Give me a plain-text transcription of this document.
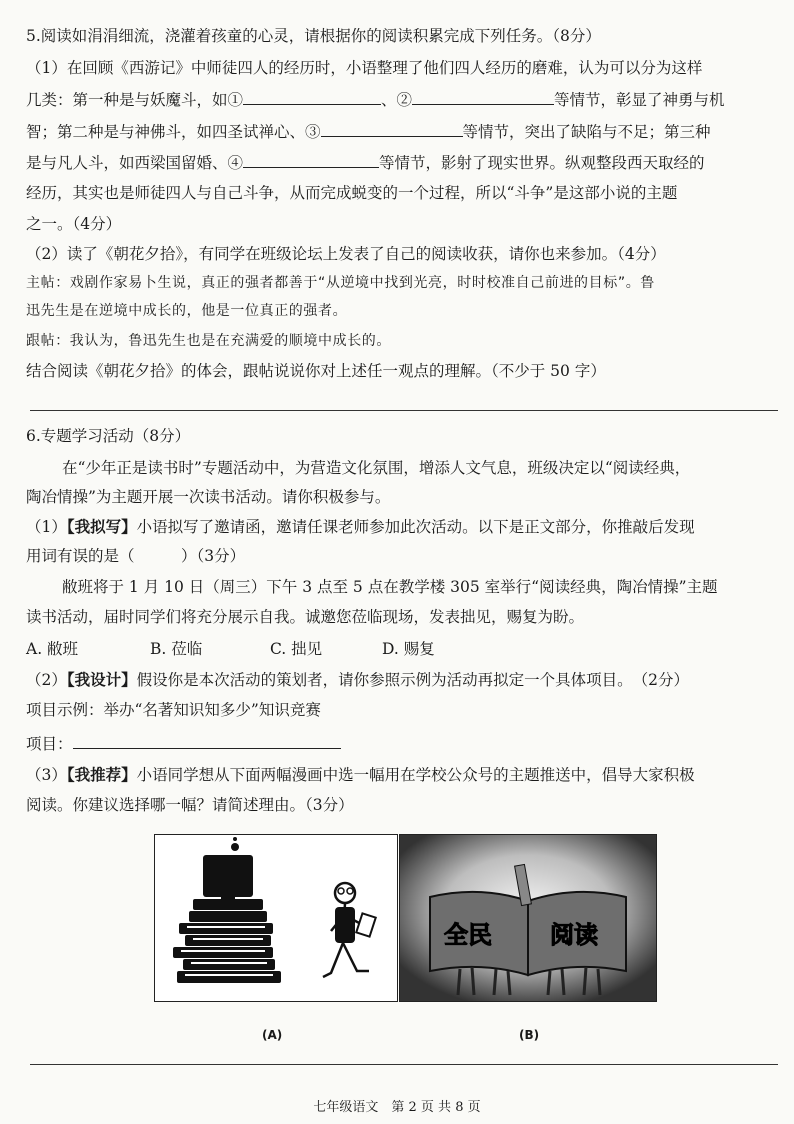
5.阅读如涓涓细流，浇灌着孩童的心灵，请根据你的阅读积累完成下列任务。（8分）
（1）在回顾《西游记》中师徒四人的经历时，小语整理了他们四人经历的磨难，认为可以分为这样
几类：第一种是与妖魔斗，如①	、②	等情节，彰显了神勇与机
智；第二种是与神佛斗，如四圣试禅心、③	等情节，突出了缺陷与不足；第三种
是与凡人斗，如西梁国留婚、④	等情节，影射了现实世界。纵观整段西天取经的
经历，其实也是师徒四人与自己斗争，从而完成蜕变的一个过程，所以“斗争”是这部小说的主题
之一。（4分）
（2）读了《朝花夕拾》，有同学在班级论坛上发表了自己的阅读收获，请你也来参加。（4分）
主帖：戏剧作家易卜生说，真正的强者都善于“从逆境中找到光亮，时时校准自己前进的目标”。鲁
迅先生是在逆境中成长的，他是一位真正的强者。
跟帖：我认为，鲁迅先生也是在充满爱的顺境中成长的。
结合阅读《朝花夕拾》的体会，跟帖说说你对上述任一观点的理解。（不少于 50 字）
6.专题学习活动（8分）
在“少年正是读书时”专题活动中，为营造文化氛围，增添人文气息，班级决定以“阅读经典，
陶冶情操”为主题开展一次读书活动。请你积极参与。
（1）【我拟写】小语拟写了邀请函，邀请任课老师参加此次活动。以下是正文部分，你推敲后发现
用词有误的是（　　　）（3分）
敝班将于 1 月 10 日（周三）下午 3 点至 5 点在教学楼 305 室举行“阅读经典，陶冶情操”主题
读书活动，届时同学们将充分展示自我。诚邀您莅临现场，发表拙见，赐复为盼。
A. 敝班	B. 莅临	C. 拙见	D. 赐复
（2）【我设计】假设你是本次活动的策划者，请你参照示例为活动再拟定一个具体项目。　（2分）
项目示例：举办“名著知识知多少”知识竞赛
项目：
（3）【我推荐】小语同学想从下面两幅漫画中选一幅用在学校公众号的主题推送中，倡导大家积极
阅读。你建议选择哪一幅？请简述理由。（3分）
(A)
全民 阅读
(B)
七年级语文　第 2 页 共 8 页
